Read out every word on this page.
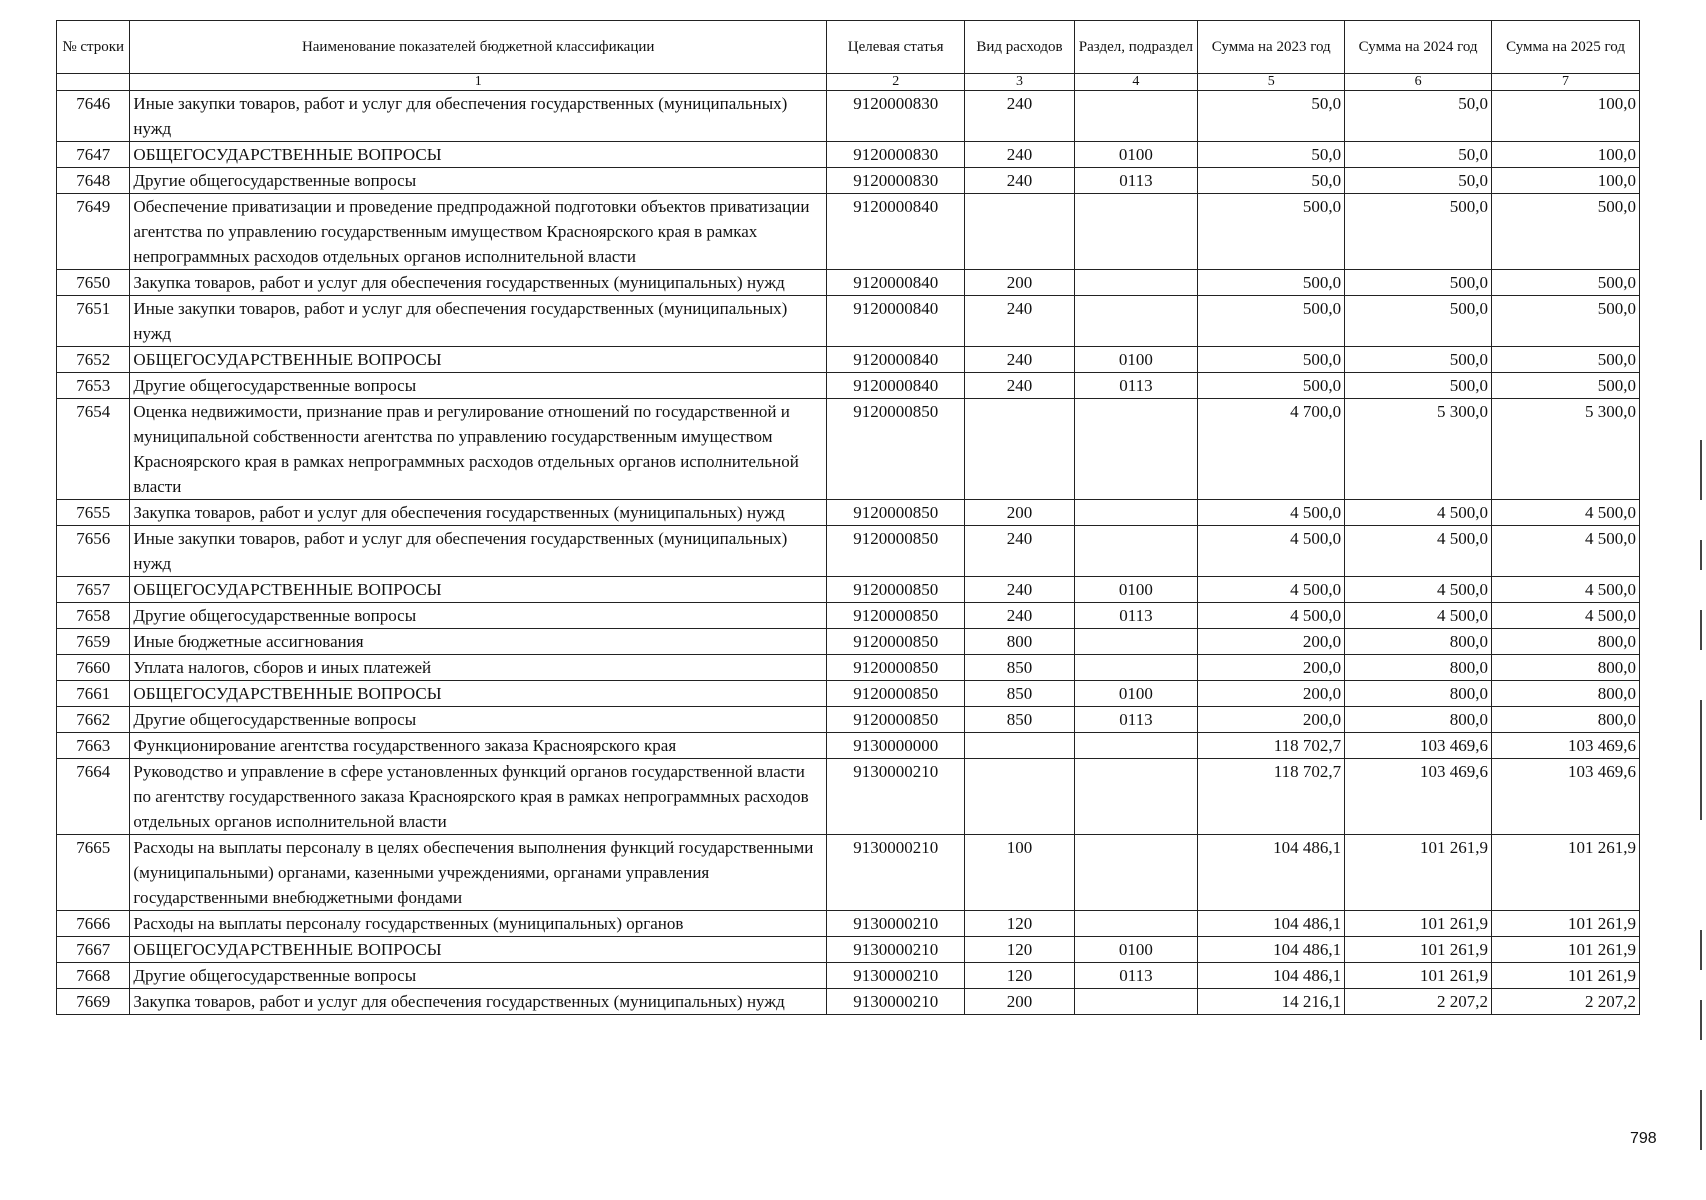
№ строки	Наименование показателей бюджетной классификации	Целевая статья	Вид расходов	Раздел, подраздел	Сумма на 2023 год	Сумма на 2024 год	Сумма на 2025 год
	1	2	3	4	5	6	7
7646	Иные закупки товаров, работ и услуг для обеспечения государственных (муниципальных) нужд	9120000830	240		50,0	50,0	100,0
7647	ОБЩЕГОСУДАРСТВЕННЫЕ ВОПРОСЫ	9120000830	240	0100	50,0	50,0	100,0
7648	Другие общегосударственные вопросы	9120000830	240	0113	50,0	50,0	100,0
7649	Обеспечение приватизации и проведение предпродажной подготовки объектов приватизации агентства по управлению государственным имуществом Красноярского края в рамках непрограммных расходов отдельных органов исполнительной власти	9120000840			500,0	500,0	500,0
7650	Закупка товаров, работ и услуг для обеспечения государственных (муниципальных) нужд	9120000840	200		500,0	500,0	500,0
7651	Иные закупки товаров, работ и услуг для обеспечения государственных (муниципальных) нужд	9120000840	240		500,0	500,0	500,0
7652	ОБЩЕГОСУДАРСТВЕННЫЕ ВОПРОСЫ	9120000840	240	0100	500,0	500,0	500,0
7653	Другие общегосударственные вопросы	9120000840	240	0113	500,0	500,0	500,0
7654	Оценка недвижимости, признание прав и регулирование отношений по государственной и муниципальной собственности агентства по управлению государственным имуществом Красноярского края в рамках непрограммных расходов отдельных органов исполнительной власти	9120000850			4 700,0	5 300,0	5 300,0
7655	Закупка товаров, работ и услуг для обеспечения государственных (муниципальных) нужд	9120000850	200		4 500,0	4 500,0	4 500,0
7656	Иные закупки товаров, работ и услуг для обеспечения государственных (муниципальных) нужд	9120000850	240		4 500,0	4 500,0	4 500,0
7657	ОБЩЕГОСУДАРСТВЕННЫЕ ВОПРОСЫ	9120000850	240	0100	4 500,0	4 500,0	4 500,0
7658	Другие общегосударственные вопросы	9120000850	240	0113	4 500,0	4 500,0	4 500,0
7659	Иные бюджетные ассигнования	9120000850	800		200,0	800,0	800,0
7660	Уплата налогов, сборов и иных платежей	9120000850	850		200,0	800,0	800,0
7661	ОБЩЕГОСУДАРСТВЕННЫЕ ВОПРОСЫ	9120000850	850	0100	200,0	800,0	800,0
7662	Другие общегосударственные вопросы	9120000850	850	0113	200,0	800,0	800,0
7663	Функционирование агентства государственного заказа Красноярского края	9130000000			118 702,7	103 469,6	103 469,6
7664	Руководство и управление в сфере установленных функций органов государственной власти по агентству государственного заказа Красноярского края в рамках непрограммных расходов отдельных органов исполнительной власти	9130000210			118 702,7	103 469,6	103 469,6
7665	Расходы на выплаты персоналу в целях обеспечения выполнения функций государственными (муниципальными) органами, казенными учреждениями, органами управления государственными внебюджетными фондами	9130000210	100		104 486,1	101 261,9	101 261,9
7666	Расходы на выплаты персоналу государственных (муниципальных) органов	9130000210	120		104 486,1	101 261,9	101 261,9
7667	ОБЩЕГОСУДАРСТВЕННЫЕ ВОПРОСЫ	9130000210	120	0100	104 486,1	101 261,9	101 261,9
7668	Другие общегосударственные вопросы	9130000210	120	0113	104 486,1	101 261,9	101 261,9
7669	Закупка товаров, работ и услуг для обеспечения государственных (муниципальных) нужд	9130000210	200		14 216,1	2 207,2	2 207,2
798
